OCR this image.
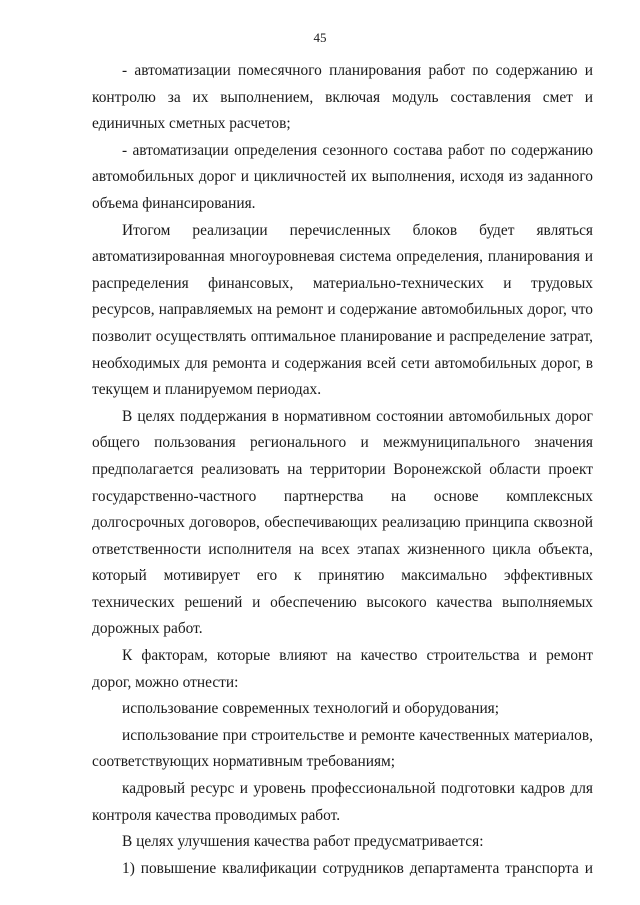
45

- автоматизации помесячного планирования работ по содержанию и контролю за их выполнением, включая модуль составления смет и единичных сметных расчетов;

- автоматизации определения сезонного состава работ по содержанию автомобильных дорог и цикличностей их выполнения, исходя из заданного объема финансирования.

Итогом реализации перечисленных блоков будет являться автоматизированная многоуровневая система определения, планирования и распределения финансовых, материально-технических и трудовых ресурсов, направляемых на ремонт и содержание автомобильных дорог, что позволит осуществлять оптимальное планирование и распределение затрат, необходимых для ремонта и содержания всей сети автомобильных дорог, в текущем и планируемом периодах.

В целях поддержания в нормативном состоянии автомобильных дорог общего пользования регионального и межмуниципального значения предполагается реализовать на территории Воронежской области проект государственно-частного партнерства на основе комплексных долгосрочных договоров, обеспечивающих реализацию принципа сквозной ответственности исполнителя на всех этапах жизненного цикла объекта, который мотивирует его к принятию максимально эффективных технических решений и обеспечению высокого качества выполняемых дорожных работ.

К факторам, которые влияют на качество строительства и ремонт дорог, можно отнести:

использование современных технологий и оборудования;

использование при строительстве и ремонте качественных материалов, соответствующих нормативным требованиям;

кадровый ресурс и уровень профессиональной подготовки кадров для контроля качества проводимых работ.

В целях улучшения качества работ предусматривается:

1) повышение квалификации сотрудников департамента транспорта и
